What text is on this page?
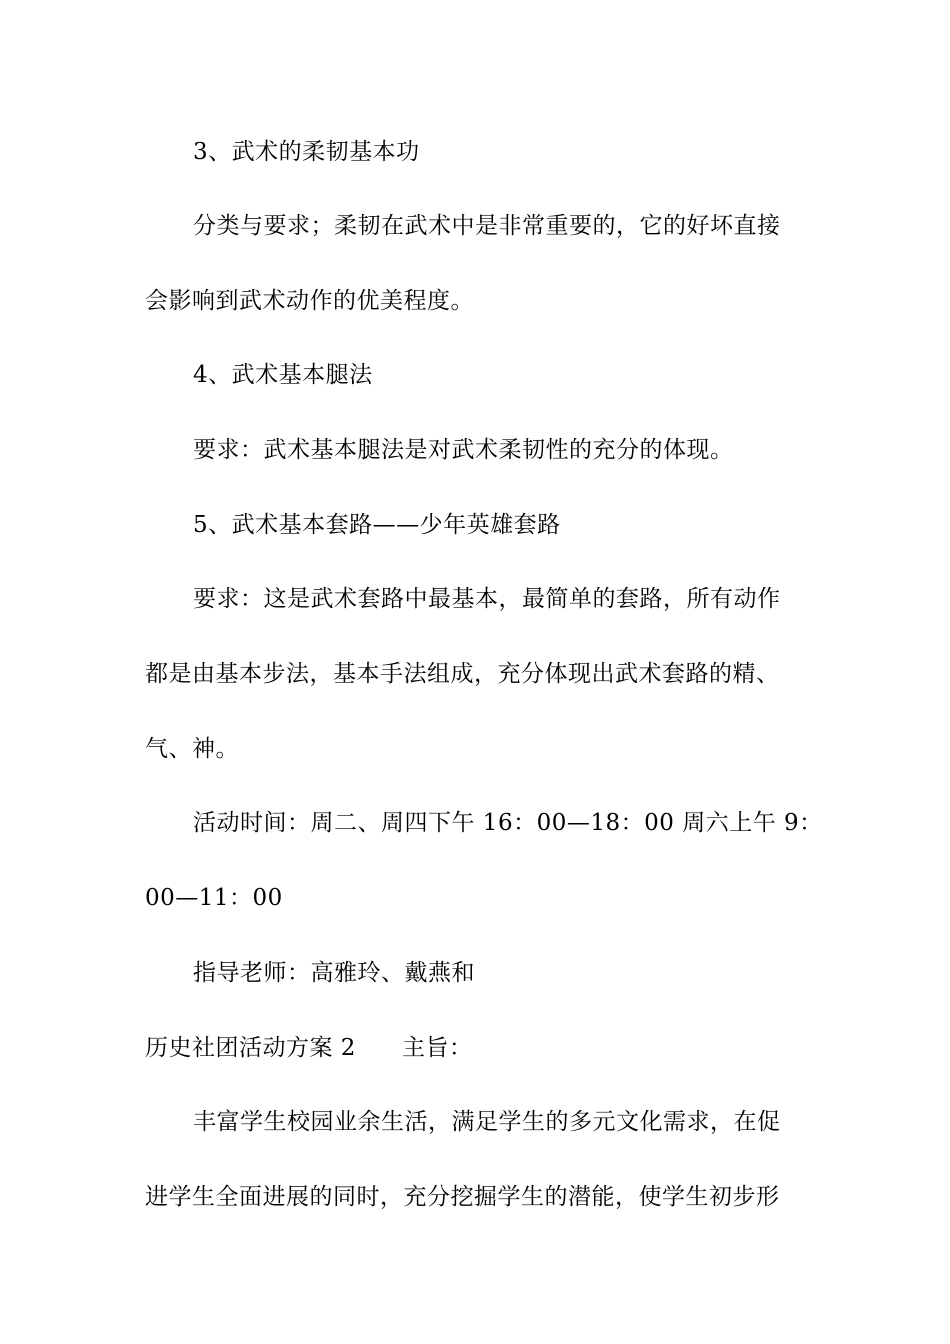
3、武术的柔韧基本功
分类与要求；柔韧在武术中是非常重要的，它的好坏直接
会影响到武术动作的优美程度。
4、武术基本腿法
要求：武术基本腿法是对武术柔韧性的充分的体现。
5、武术基本套路——少年英雄套路
要求：这是武术套路中最基本，最简单的套路，所有动作
都是由基本步法，基本手法组成，充分体现出武术套路的精、
气、神。
活动时间：周二、周四下午 16：00—18：00 周六上午 9：
00—11：00
指导老师：高雅玲、戴燕和
历史社团活动方案 2 主旨：
丰富学生校园业余生活，满足学生的多元文化需求，在促
进学生全面进展的同时，充分挖掘学生的潜能，使学生初步形
